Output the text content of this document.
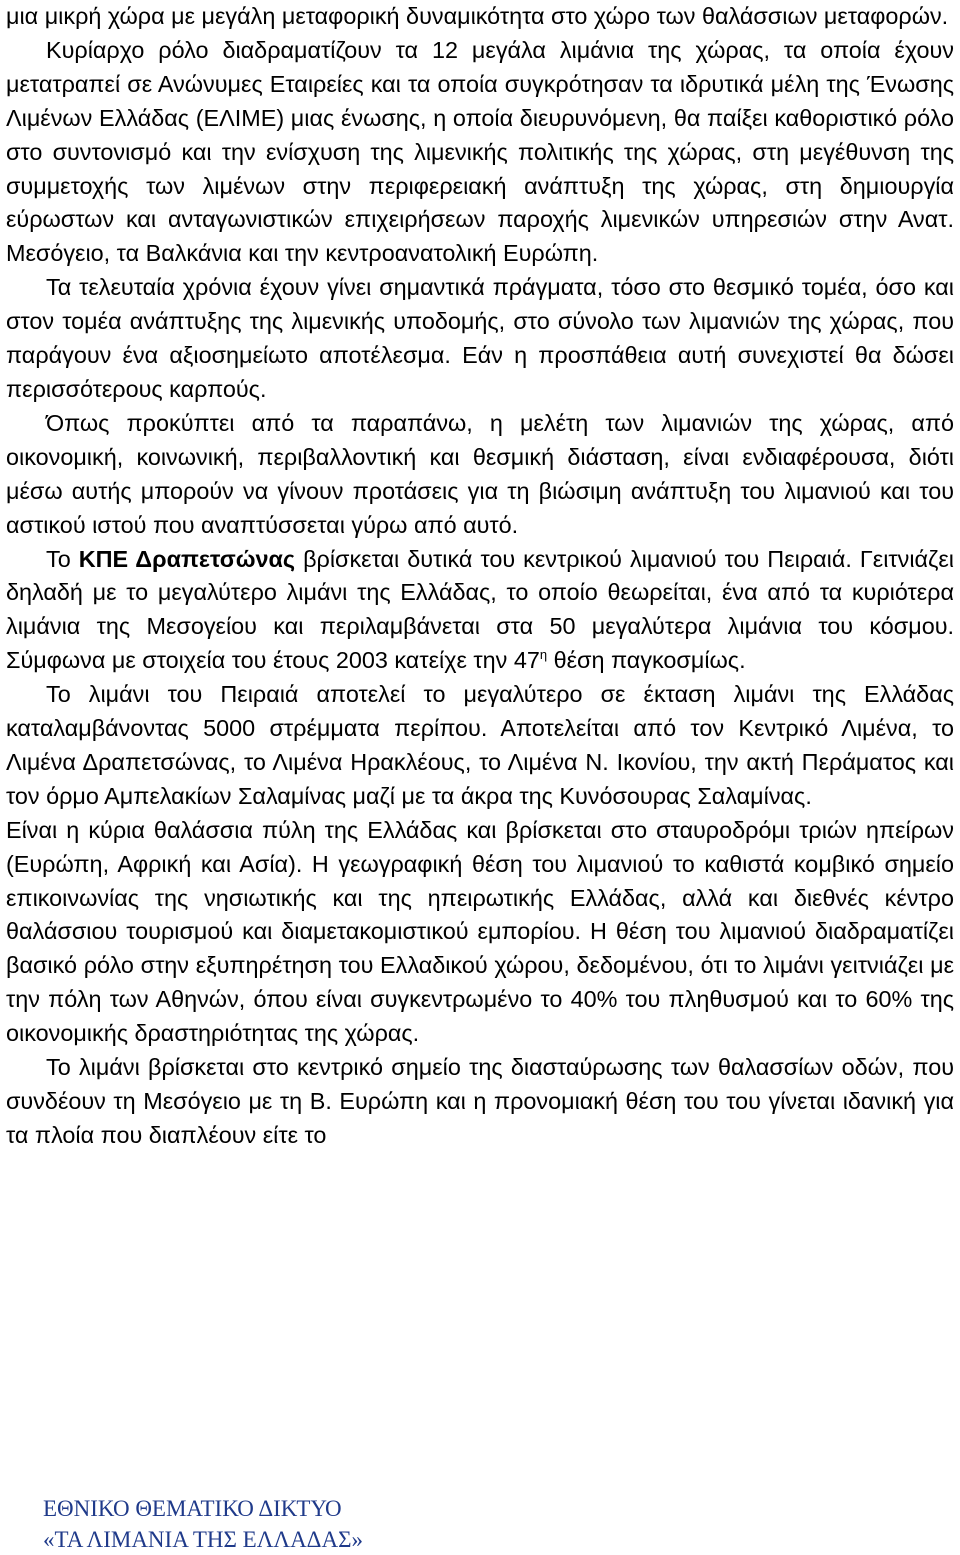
μια μικρή χώρα με μεγάλη μεταφορική δυναμικότητα στο χώρο των θαλάσσιων μεταφορών.

Κυρίαρχο ρόλο διαδραματίζουν τα 12 μεγάλα λιμάνια της χώρας, τα οποία έχουν μετατραπεί σε Ανώνυμες Εταιρείες και τα οποία συγκρότησαν τα ιδρυτικά μέλη της Ένωσης Λιμένων Ελλάδας (ΕΛΙΜΕ) μιας ένωσης, η οποία διευρυνόμενη, θα παίξει καθοριστικό ρόλο στο συντονισμό και την ενίσχυση της λιμενικής πολιτικής της χώρας, στη μεγέθυνση της συμμετοχής των λιμένων στην περιφερειακή ανάπτυξη της χώρας, στη δημιουργία εύρωστων και ανταγωνιστικών επιχειρήσεων παροχής λιμενικών υπηρεσιών στην Ανατ. Μεσόγειο, τα Βαλκάνια και την κεντροανατολική Ευρώπη.

Τα τελευταία χρόνια έχουν γίνει σημαντικά πράγματα, τόσο στο θεσμικό τομέα, όσο και στον τομέα ανάπτυξης της λιμενικής υποδομής, στο σύνολο των λιμανιών της χώρας, που παράγουν ένα αξιοσημείωτο αποτέλεσμα. Εάν η προσπάθεια αυτή συνεχιστεί θα δώσει περισσότερους καρπούς.

Όπως προκύπτει από τα παραπάνω, η μελέτη των λιμανιών της χώρας, από οικονομική, κοινωνική, περιβαλλοντική και θεσμική διάσταση, είναι ενδιαφέρουσα, διότι μέσω αυτής μπορούν να γίνουν προτάσεις για τη βιώσιμη ανάπτυξη του λιμανιού και του αστικού ιστού που αναπτύσσεται γύρω από αυτό.

Το ΚΠΕ Δραπετσώνας βρίσκεται δυτικά του κεντρικού λιμανιού του Πειραιά. Γειτνιάζει δηλαδή με το μεγαλύτερο λιμάνι της Ελλάδας, το οποίο θεωρείται, ένα από τα κυριότερα λιμάνια της Μεσογείου και περιλαμβάνεται στα 50 μεγαλύτερα λιμάνια του κόσμου. Σύμφωνα με στοιχεία του έτους 2003 κατείχε την $47^\eta$ θέση παγκοσμίως.

Το λιμάνι του Πειραιά αποτελεί το μεγαλύτερο σε έκταση λιμάνι της Ελλάδας καταλαμβάνοντας 5000 στρέμματα περίπου. Αποτελείται από τον Κεντρικό Λιμένα, το Λιμένα Δραπετσώνας, το Λιμένα Ηρακλέους, το Λιμένα Ν. Ικονίου, την ακτή Περάματος και τον όρμο Αμπελακίων Σαλαμίνας μαζί με τα άκρα της Κυνόσουρας Σαλαμίνας.

Είναι η κύρια θαλάσσια πύλη της Ελλάδας και βρίσκεται στο σταυροδρόμι τριών ηπείρων (Ευρώπη, Αφρική και Ασία). Η γεωγραφική θέση του λιμανιού το καθιστά κομβικό σημείο επικοινωνίας της νησιωτικής και της ηπειρωτικής Ελλάδας, αλλά και διεθνές κέντρο θαλάσσιου τουρισμού και διαμετακομιστικού εμπορίου. Η θέση του λιμανιού διαδραματίζει βασικό ρόλο στην εξυπηρέτηση του Ελλαδικού χώρου, δεδομένου, ότι το λιμάνι γειτνιάζει με την πόλη των Αθηνών, όπου είναι συγκεντρωμένο το 40% του πληθυσμού και το 60% της οικονομικής δραστηριότητας της χώρας.

Το λιμάνι βρίσκεται στο κεντρικό σημείο της διασταύρωσης των θαλασσίων οδών, που συνδέουν τη Μεσόγειο με τη Β. Ευρώπη και η προνομιακή θέση του του γίνεται ιδανική για τα πλοία που διαπλέουν είτε το

ΕΘΝΙΚΟ ΘΕΜΑΤΙΚΟ ΔΙΚΤΥΟ
«ΤΑ ΛΙΜΑΝΙΑ ΤΗΣ ΕΛΛΑΔΑΣ»
